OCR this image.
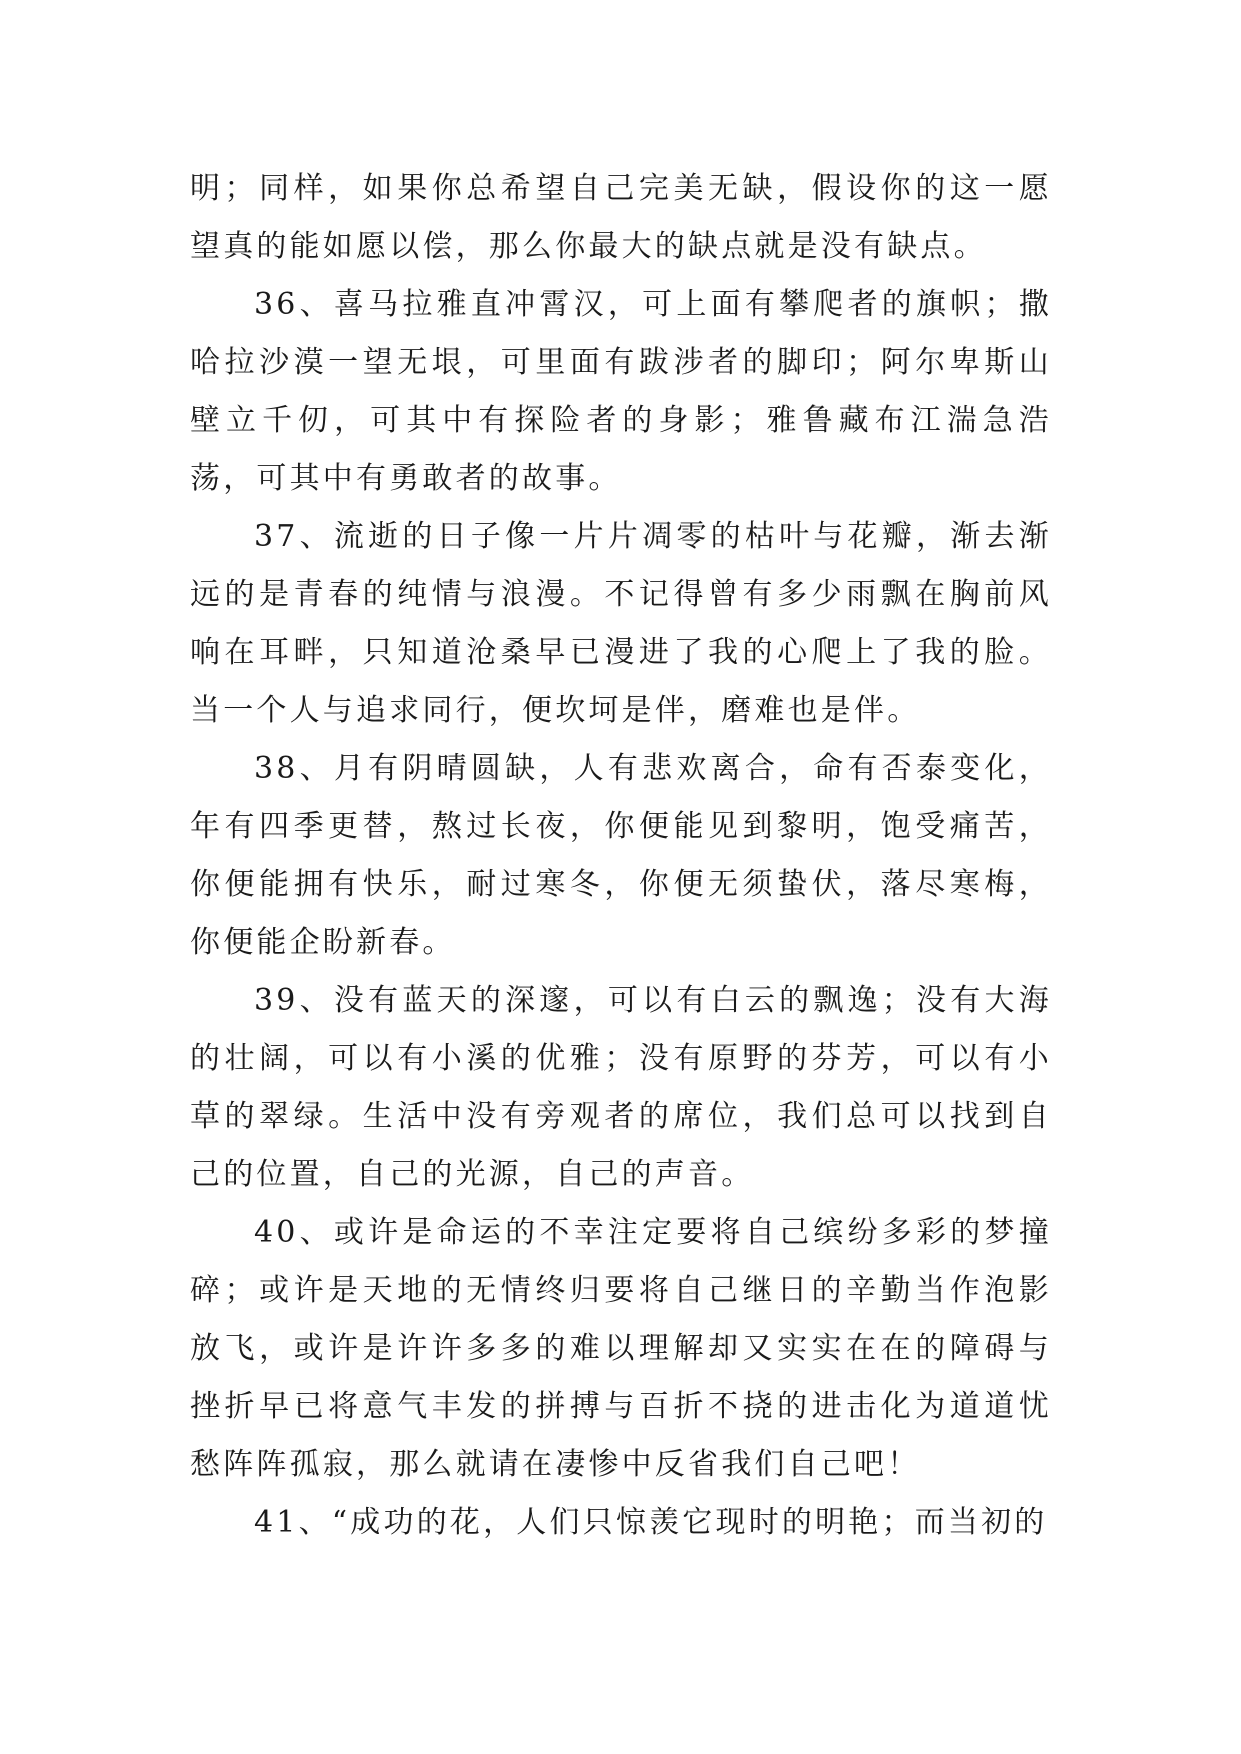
明；同样，如果你总希望自己完美无缺，假设你的这一愿望真的能如愿以偿，那么你最大的缺点就是没有缺点。

36、喜马拉雅直冲霄汉，可上面有攀爬者的旗帜；撒哈拉沙漠一望无垠，可里面有跋涉者的脚印；阿尔卑斯山壁立千仞，可其中有探险者的身影；雅鲁藏布江湍急浩荡，可其中有勇敢者的故事。

37、流逝的日子像一片片凋零的枯叶与花瓣，渐去渐远的是青春的纯情与浪漫。不记得曾有多少雨飘在胸前风响在耳畔，只知道沧桑早已漫进了我的心爬上了我的脸。当一个人与追求同行，便坎坷是伴，磨难也是伴。

38、月有阴晴圆缺，人有悲欢离合，命有否泰变化，年有四季更替，熬过长夜，你便能见到黎明，饱受痛苦，你便能拥有快乐，耐过寒冬，你便无须蛰伏，落尽寒梅，你便能企盼新春。

39、没有蓝天的深邃，可以有白云的飘逸；没有大海的壮阔，可以有小溪的优雅；没有原野的芬芳，可以有小草的翠绿。生活中没有旁观者的席位，我们总可以找到自己的位置，自己的光源，自己的声音。

40、或许是命运的不幸注定要将自己缤纷多彩的梦撞碎；或许是天地的无情终归要将自己继日的辛勤当作泡影放飞，或许是许许多多的难以理解却又实实在在的障碍与挫折早已将意气丰发的拼搏与百折不挠的进击化为道道忧愁阵阵孤寂，那么就请在凄惨中反省我们自己吧！

41、“成功的花，人们只惊羡它现时的明艳；而当初的
